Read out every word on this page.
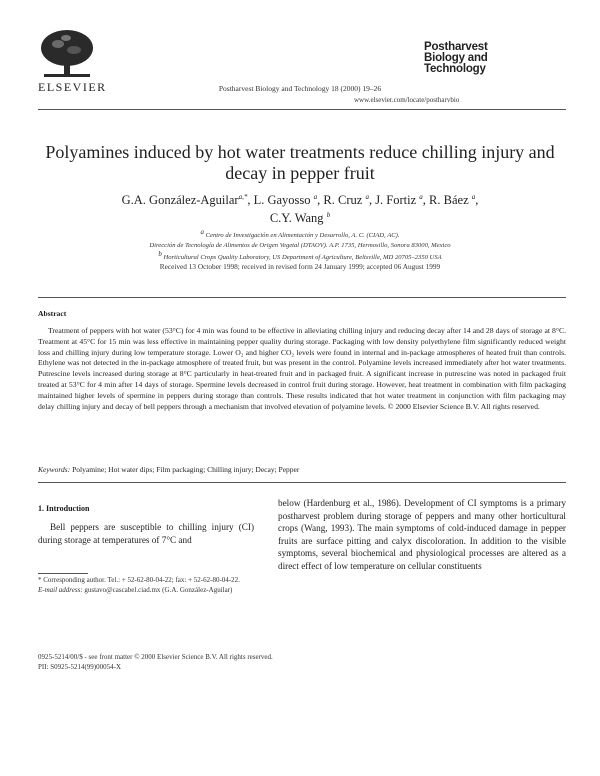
ELSEVIER	Postharvest Biology and Technology 18 (2000) 19–26
Postharvest
Biology and
Technology
www.elsevier.com/locate/postharvbio
Polyamines induced by hot water treatments reduce chilling injury and decay in pepper fruit
G.A. González-Aguilar$^{a,*}$, L. Gayosso $^a$, R. Cruz $^a$, J. Fortiz $^a$, R. Báez $^a$,
C.Y. Wang $^b$
a Centro de Investigación en Alimentación y Desarrollo, A. C. (CIAD, AC).
Dirección de Tecnología de Alimentos de Origen Vegetal (DTAOV). A.P. 1735, Hermosillo, Sonora 83000, Mexico
b Horticultural Crops Quality Laboratory, US Department of Agriculture, Beltsville, MD 20705–2350 USA
Received 13 October 1998; received in revised form 24 January 1999; accepted 06 August 1999
Abstract
Treatment of peppers with hot water (53°C) for 4 min was found to be effective in alleviating chilling injury and reducing decay after 14 and 28 days of storage at 8°C. Treatment at 45°C for 15 min was less effective in maintaining pepper quality during storage. Packaging with low density polyethylene film significantly reduced weight loss and chilling injury during low temperature storage. Lower O₂ and higher CO₂ levels were found in internal and in-package atmospheres of heated fruit than controls. Ethylene was not detected in the in-package atmosphere of treated fruit, but was present in the control. Polyamine levels increased immediately after hot water treatments. Putrescine levels increased during storage at 8°C particularly in heat-treated fruit and in packaged fruit. A significant increase in putrescine was noted in packaged fruit treated at 53°C for 4 min after 14 days of storage. Spermine levels decreased in control fruit during storage. However, heat treatment in combination with film packaging maintained higher levels of spermine in peppers during storage than controls. These results indicated that hot water treatment in conjunction with film packaging may delay chilling injury and decay of bell peppers through a mechanism that involved elevation of polyamine levels. © 2000 Elsevier Science B.V. All rights reserved.
Keywords: Polyamine; Hot water dips; Film packaging; Chilling injury; Decay; Pepper
1. Introduction
Bell peppers are susceptible to chilling injury (CI) during storage at temperatures of 7°C and
below (Hardenburg et al., 1986). Development of CI symptoms is a primary postharvest problem during storage of peppers and many other horticultural crops (Wang, 1993). The main symptoms of cold-induced damage in pepper fruits are surface pitting and calyx discoloration. In addition to the visible symptoms, several biochemical and physiological processes are altered as a direct effect of low temperature on cellular constituents

* Corresponding author. Tel.: + 52-62-80-04-22; fax: + 52-62-80-04-22.

E-mail address: gustavo@cascabel.ciad.mx (G.A. González-Aguilar)

0925-5214/00/$ - see front matter © 2000 Elsevier Science B.V. All rights reserved.
PII: S0925-5214(99)00054-X
